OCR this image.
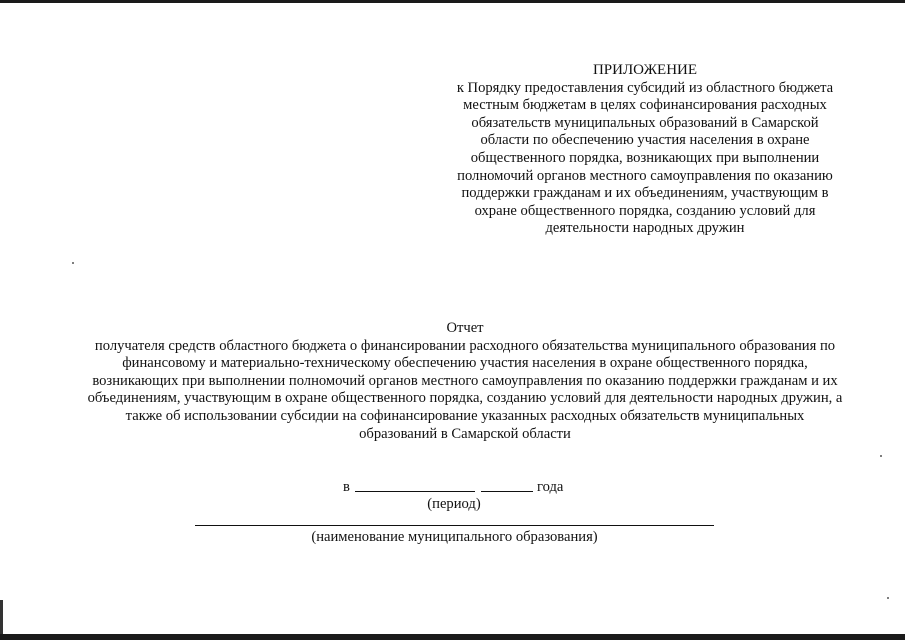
ПРИЛОЖЕНИЕ
к Порядку предоставления субсидий из областного бюджета
местным бюджетам в целях софинансирования расходных
обязательств муниципальных образований в Самарской
области по обеспечению участия населения в охране
общественного порядка, возникающих при выполнении
полномочий органов местного самоуправления по оказанию
поддержки гражданам и их объединениям, участвующим в
охране общественного порядка, созданию условий для
деятельности народных дружин
Отчет
получателя средств областного бюджета о финансировании расходного обязательства муниципального образования по
финансовому и материально-техническому обеспечению участия населения в охране общественного порядка,
возникающих при выполнении полномочий органов местного самоуправления по оказанию поддержки гражданам и их
объединениям, участвующим в охране общественного порядка, созданию условий для деятельности народных дружин, а
также об использовании субсидии на софинансирование указанных расходных обязательств муниципальных
образований в Самарской области
в	года
(период)
(наименование муниципального образования)
